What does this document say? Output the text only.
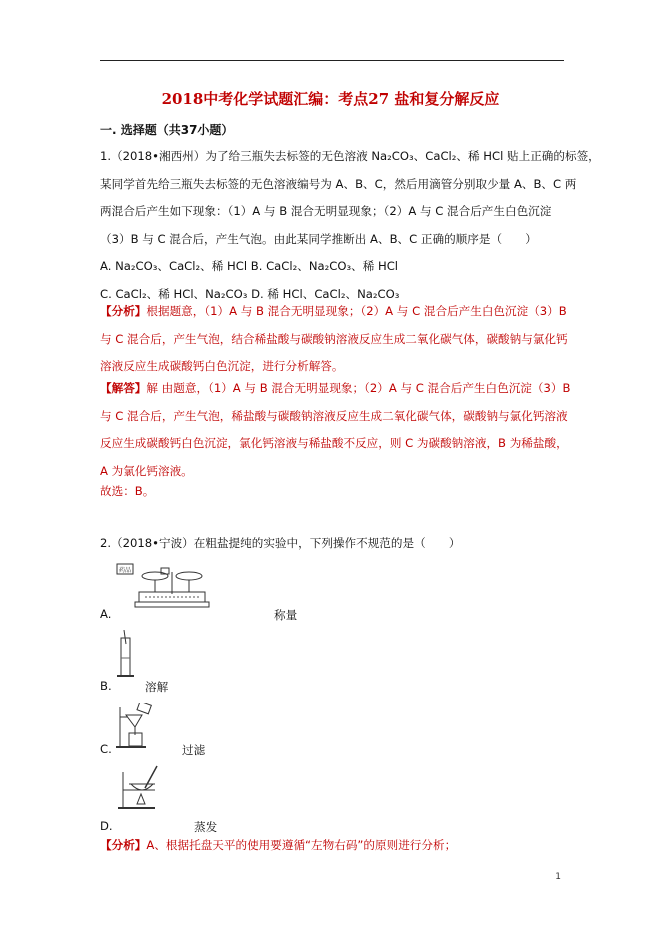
2018中考化学试题汇编：考点27 盐和复分解反应
一. 选择题（共37小题）
1.（2018•湘西州）为了给三瓶失去标签的无色溶液 Na₂CO₃、CaCl₂、稀 HCl 贴上正确的标签，
某同学首先给三瓶失去标签的无色溶液编号为 A、B、C，然后用滴管分别取少量 A、B、C 两
两混合后产生如下现象：（1）A 与 B 混合无明显现象；（2）A 与 C 混合后产生白色沉淀
（3）B 与 C 混合后，产生气泡。由此某同学推断出 A、B、C 正确的顺序是（　　）
A. Na₂CO₃、CaCl₂、稀 HCl B. CaCl₂、Na₂CO₃、稀 HCl
C. CaCl₂、稀 HCl、Na₂CO₃ D. 稀 HCl、CaCl₂、Na₂CO₃
【分析】根据题意，（1）A 与 B 混合无明显现象；（2）A 与 C 混合后产生白色沉淀（3）B
与 C 混合后，产生气泡，结合稀盐酸与碳酸钠溶液反应生成二氧化碳气体，碳酸钠与氯化钙
溶液反应生成碳酸钙白色沉淀，进行分析解答。
【解答】解 由题意，（1）A 与 B 混合无明显现象；（2）A 与 C 混合后产生白色沉淀（3）B
与 C 混合后，产生气泡，稀盐酸与碳酸钠溶液反应生成二氧化碳气体，碳酸钠与氯化钙溶液
反应生成碳酸钙白色沉淀，氯化钙溶液与稀盐酸不反应，则 C 为碳酸钠溶液，B 为稀盐酸，
A 为氯化钙溶液。
故选：B。
2.（2018•宁波）在粗盐提纯的实验中，下列操作不规范的是（　　）
药品
A.	称量
B.	溶解
C.	过滤
D.	蒸发
【分析】A、根据托盘天平的使用要遵循“左物右码”的原则进行分析；
1
